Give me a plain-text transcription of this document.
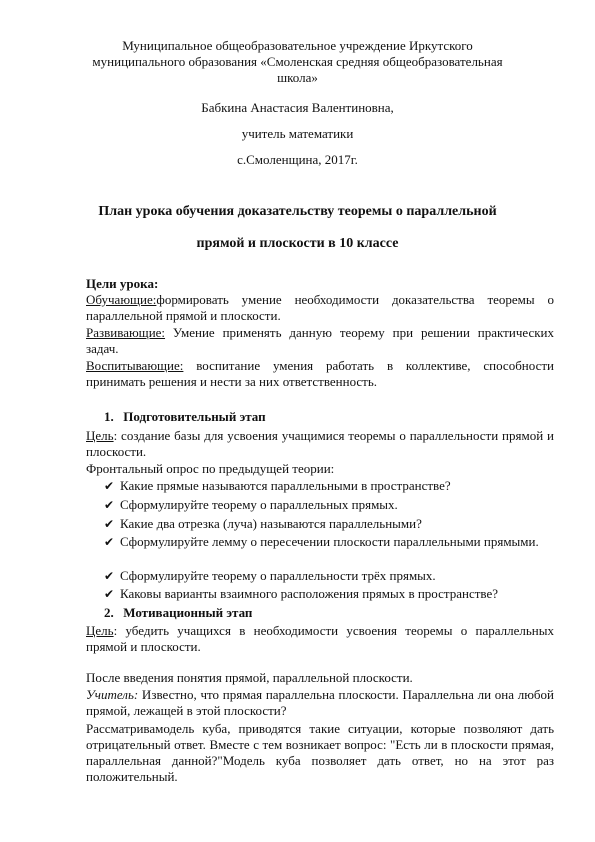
Муниципальное общеобразовательное учреждение Иркутского
муниципального образования «Смоленская средняя общеобразовательная
школа»
Бабкина Анастасия Валентиновна,
учитель математики
с.Смоленщина, 2017г.
План урока обучения доказательству теоремы о параллельной
прямой и плоскости в 10 классе
Цели урока:
Обучающие:формировать умение необходимости доказательства теоремы о параллельной прямой и плоскости.
Развивающие: Умение применять данную теорему при решении практических задач.
Воспитывающие: воспитание умения работать в коллективе, способности принимать решения и нести за них ответственность.
1. Подготовительный этап
Цель: создание базы для усвоения учащимися теоремы о параллельности прямой и плоскости.
Фронтальный опрос по предыдущей теории:
✔ Какие прямые называются параллельными в пространстве?
✔ Сформулируйте теорему о параллельных прямых.
✔ Какие два отрезка (луча) называются параллельными?
✔ Сформулируйте лемму о пересечении плоскости параллельными прямыми.
✔ Сформулируйте теорему о параллельности трёх прямых.
✔ Каковы варианты взаимного расположения прямых в пространстве?
2. Мотивационный этап
Цель: убедить учащихся в необходимости усвоения теоремы о параллельных прямой и плоскости.
После введения понятия прямой, параллельной плоскости.
Учитель: Известно, что прямая параллельна плоскости. Параллельна ли она любой прямой, лежащей в этой плоскости?
Рассматривамодель куба, приводятся такие ситуации, которые позволяют дать отрицательный ответ. Вместе с тем возникает вопрос: "Есть ли в плоскости прямая, параллельная данной?"Модель куба позволяет дать ответ, но на этот раз положительный.
